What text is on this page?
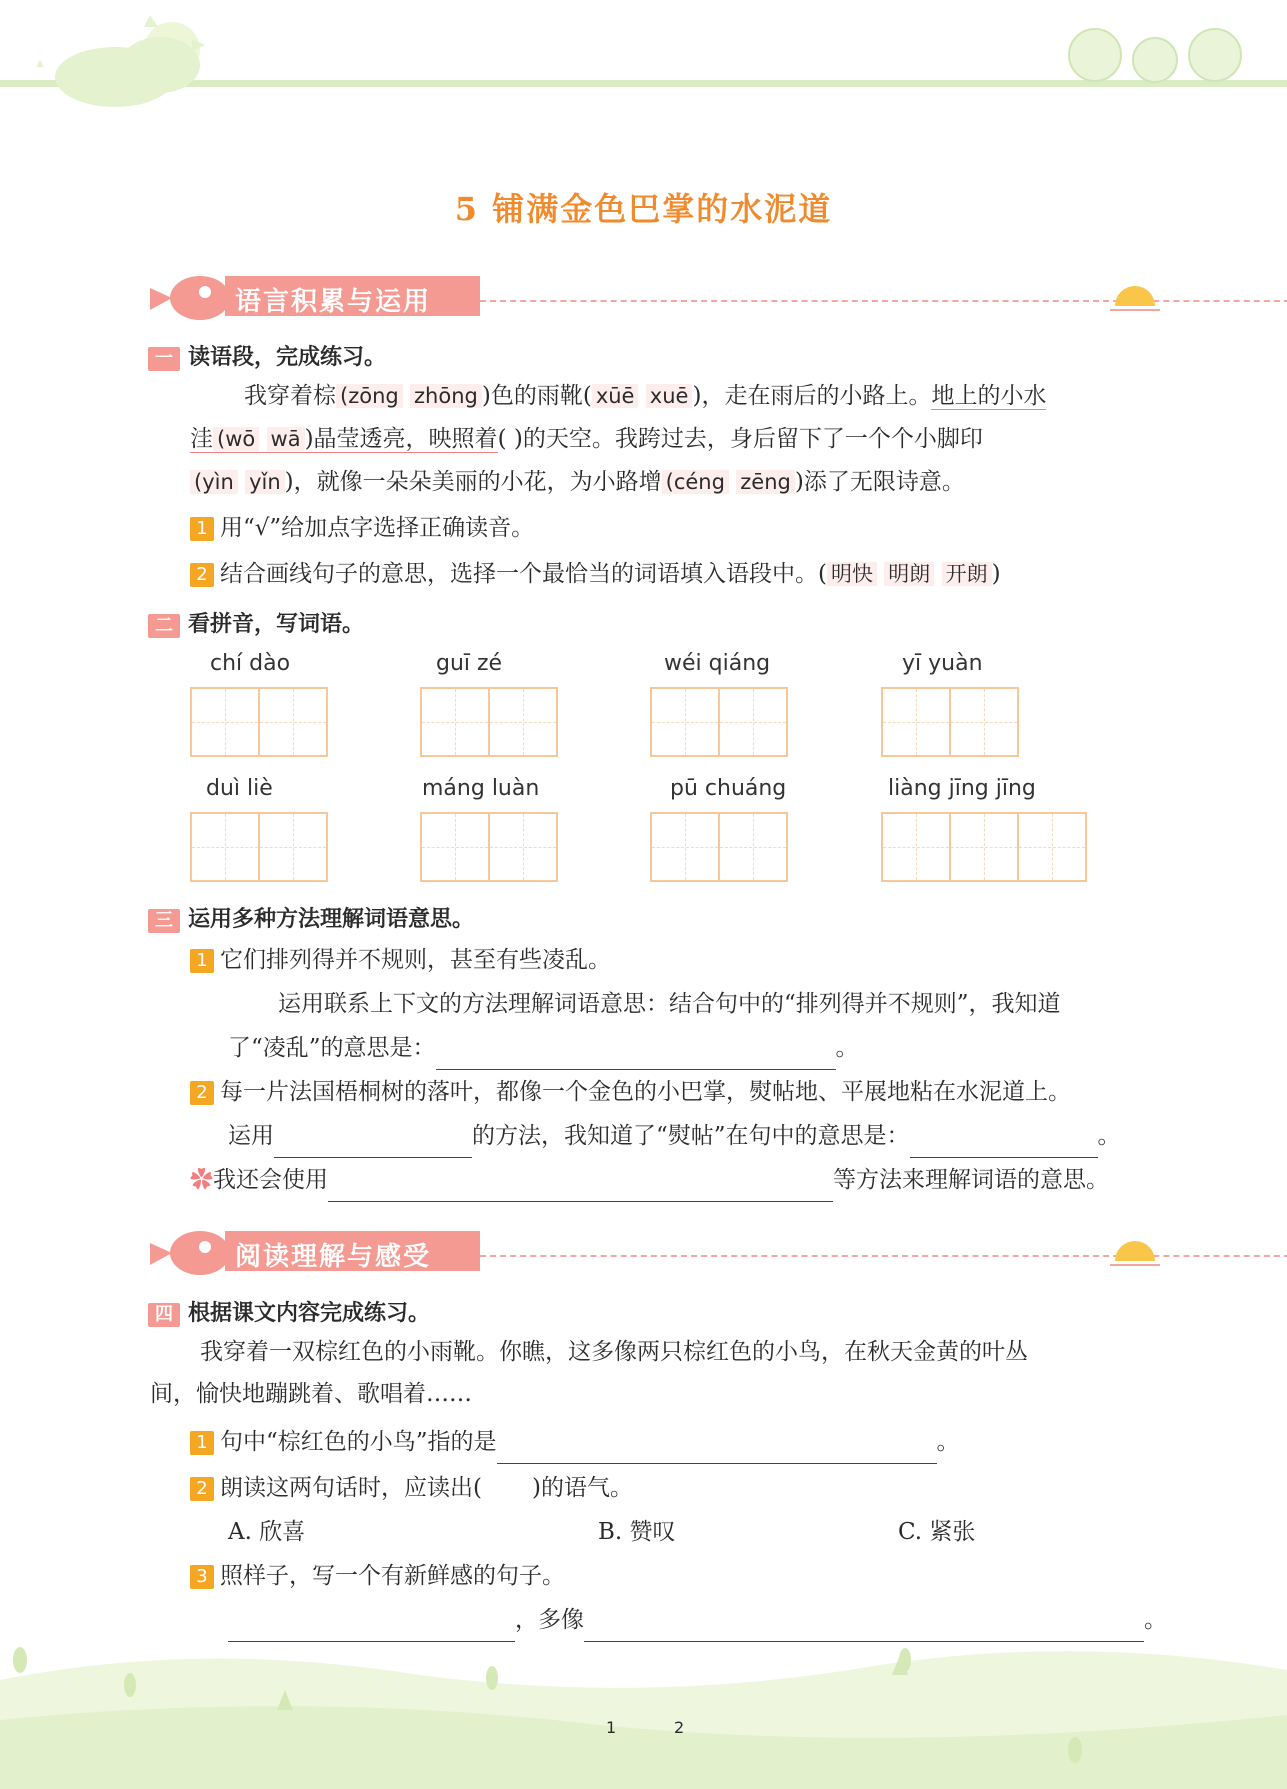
5 铺满金色巴掌的水泥道
语言积累与运用
一 读语段，完成练习。
我穿着棕 (zōng zhōng )色的雨靴( xūē xuē )，走在雨后的小路上。地上的小水
洼 (wō wā )晶莹透亮，映照着( )的天空。我跨过去，身后留下了一个个小脚印
(yìn yǐn )，就像一朵朵美丽的小花，为小路增 (céng zēng )添了无限诗意。
1 用“√”给加点字选择正确读音。
2 结合画线句子的意思，选择一个最恰当的词语填入语段中。( 明快 明朗 开朗 )
二 看拼音，写词语。
chí dào	guī zé	wéi qiáng	yī yuàn
duì liè	máng luàn	pū chuáng	liàng jīng jīng
三 运用多种方法理解词语意思。
1 它们排列得并不规则，甚至有些凌乱。
运用联系上下文的方法理解词语意思：结合句中的“排列得并不规则”，我知道
了“凌乱”的意思是：	。
2 每一片法国梧桐树的落叶，都像一个金色的小巴掌，熨帖地、平展地粘在水泥道上。
运用	的方法，我知道了“熨帖”在句中的意思是：	。
✿我还会使用	等方法来理解词语的意思。
阅读理解与感受
四 根据课文内容完成练习。
我穿着一双棕红色的小雨靴。你瞧，这多像两只棕红色的小鸟，在秋天金黄的叶丛
间，愉快地蹦跳着、歌唱着……
1 句中“棕红色的小鸟”指的是	。
2 朗读这两句话时，应读出( )的语气。
A. 欣喜	B. 赞叹	C. 紧张
3 照样子，写一个有新鲜感的句子。
，多像	。
1	2
